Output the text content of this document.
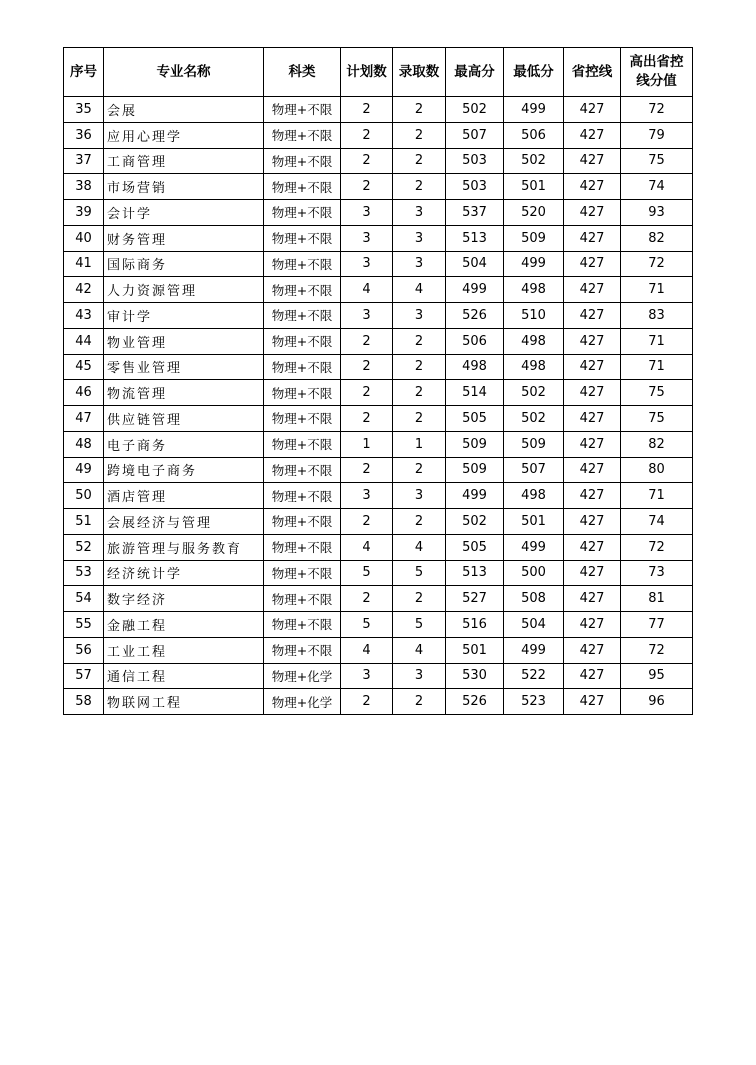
序号	专业名称	科类	计划数	录取数	最高分	最低分	省控线	高出省控线分值
35	会展	物理+不限	2	2	502	499	427	72
36	应用心理学	物理+不限	2	2	507	506	427	79
37	工商管理	物理+不限	2	2	503	502	427	75
38	市场营销	物理+不限	2	2	503	501	427	74
39	会计学	物理+不限	3	3	537	520	427	93
40	财务管理	物理+不限	3	3	513	509	427	82
41	国际商务	物理+不限	3	3	504	499	427	72
42	人力资源管理	物理+不限	4	4	499	498	427	71
43	审计学	物理+不限	3	3	526	510	427	83
44	物业管理	物理+不限	2	2	506	498	427	71
45	零售业管理	物理+不限	2	2	498	498	427	71
46	物流管理	物理+不限	2	2	514	502	427	75
47	供应链管理	物理+不限	2	2	505	502	427	75
48	电子商务	物理+不限	1	1	509	509	427	82
49	跨境电子商务	物理+不限	2	2	509	507	427	80
50	酒店管理	物理+不限	3	3	499	498	427	71
51	会展经济与管理	物理+不限	2	2	502	501	427	74
52	旅游管理与服务教育	物理+不限	4	4	505	499	427	72
53	经济统计学	物理+不限	5	5	513	500	427	73
54	数字经济	物理+不限	2	2	527	508	427	81
55	金融工程	物理+不限	5	5	516	504	427	77
56	工业工程	物理+不限	4	4	501	499	427	72
57	通信工程	物理+化学	3	3	530	522	427	95
58	物联网工程	物理+化学	2	2	526	523	427	96
